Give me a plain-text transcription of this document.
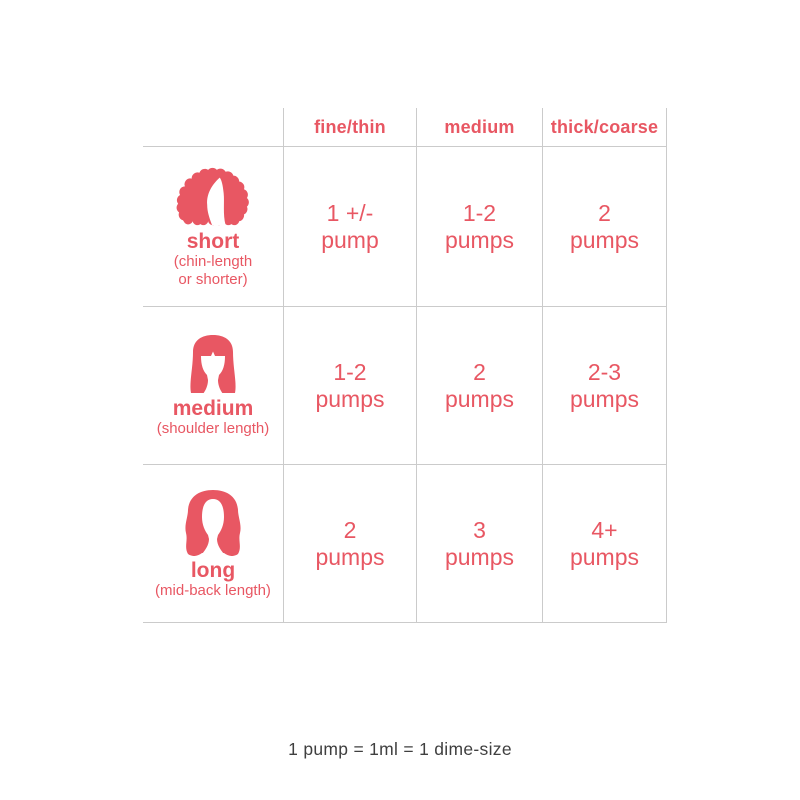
fine/thin	medium	thick/coarse
short
(chin-length
or shorter)
1 +/-
pump
1-2
pumps
2
pumps
medium
(shoulder length)
1-2
pumps
2
pumps
2-3
pumps
long
(mid-back length)
2
pumps
3
pumps
4+
pumps
1 pump = 1ml = 1 dime-size
